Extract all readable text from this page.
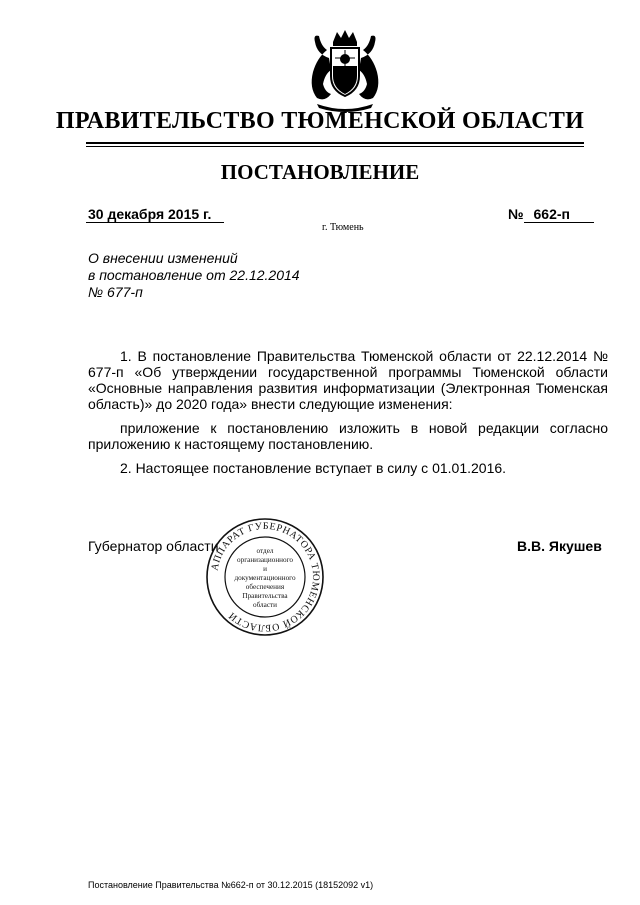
ПРАВИТЕЛЬСТВО ТЮМЕНСКОЙ ОБЛАСТИ
ПОСТАНОВЛЕНИЕ
30 декабря 2015 г.	№ 662-п
г. Тюмень
О внесении изменений
в постановление от 22.12.2014
№ 677-п
1. В постановление Правительства Тюменской области от 22.12.2014 № 677-п «Об утверждении государственной программы Тюменской области «Основные направления развития информатизации (Электронная Тюменская область)» до 2020 года» внести следующие изменения:
приложение к постановлению изложить в новой редакции согласно приложению к настоящему постановлению.
2. Настоящее постановление вступает в силу с 01.01.2016.
Губернатор области	В.В. Якушев
АППАРАТ ГУБЕРНАТОРА ТЮМЕНСКОЙ ОБЛАСТИ
отдел
организационного
и
документационного
обеспечения
Правительства
области
Постановление Правительства №662-п от 30.12.2015 (18152092 v1)
